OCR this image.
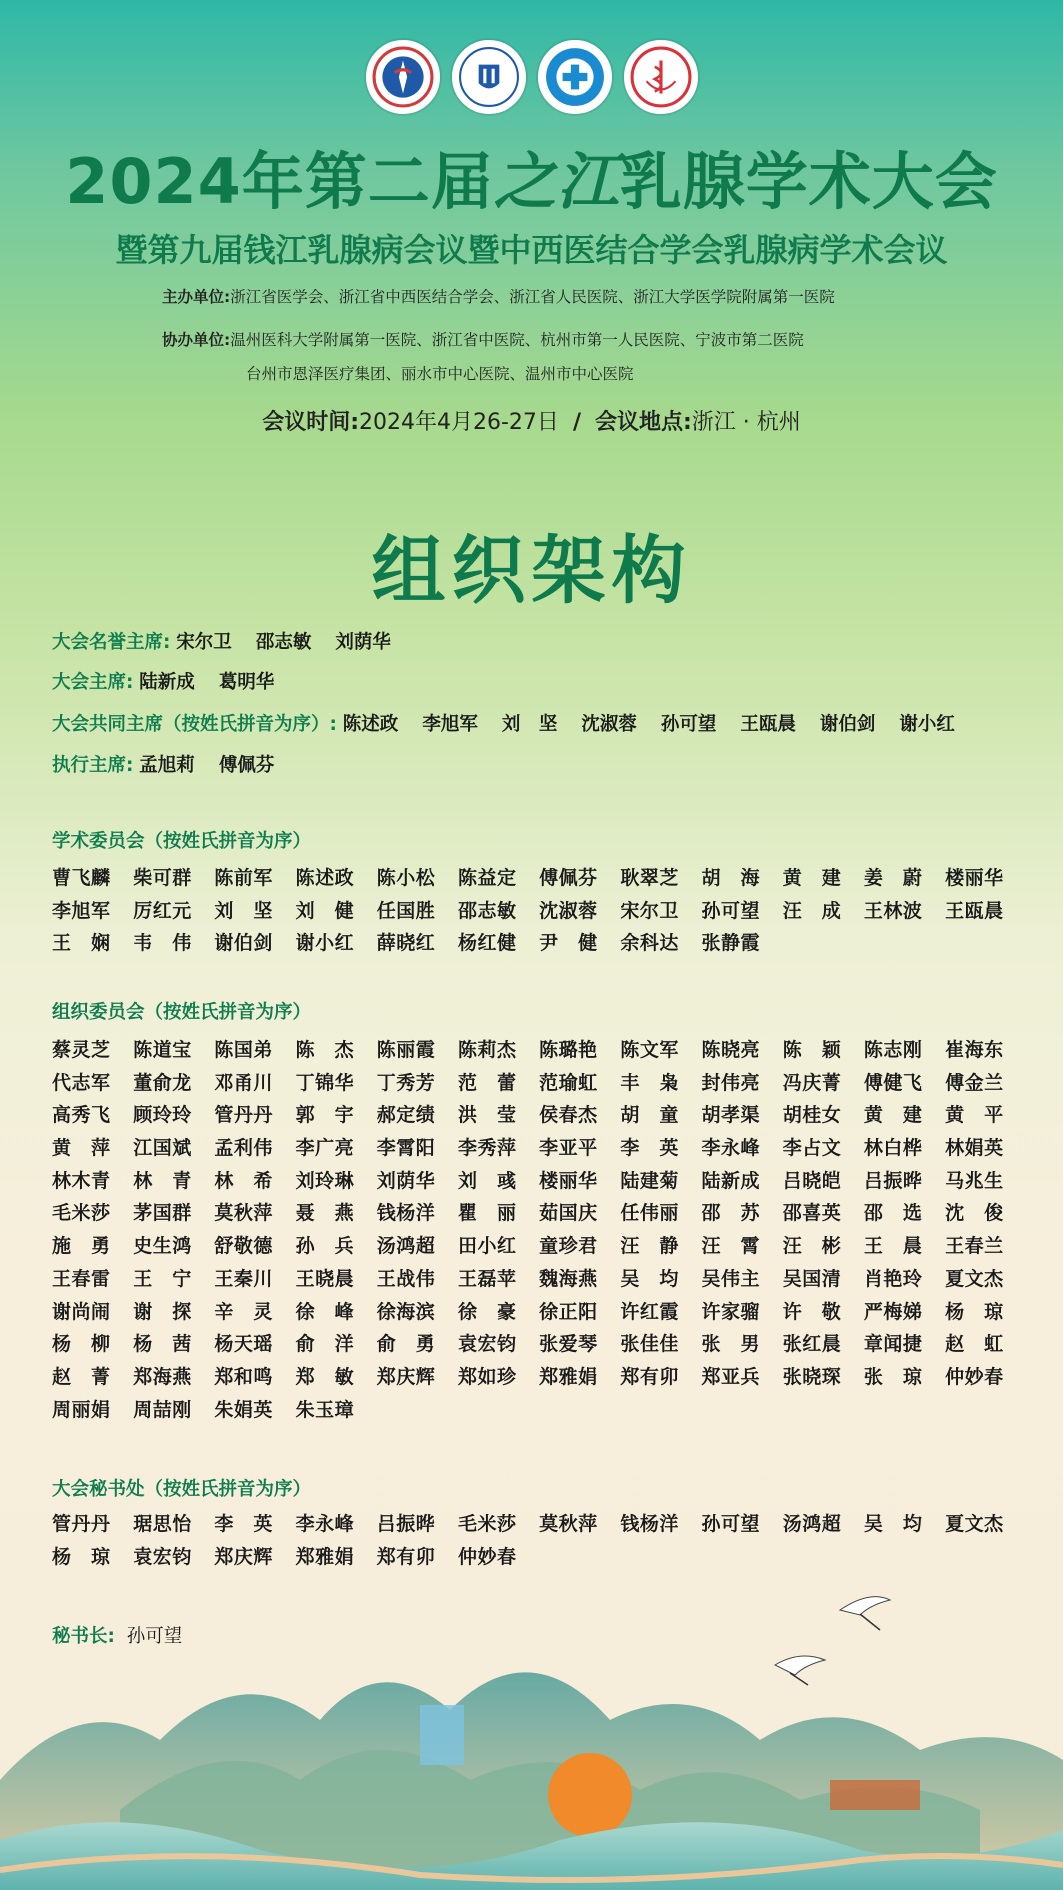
2024年第二届之江乳腺学术大会
暨第九届钱江乳腺病会议暨中西医结合学会乳腺病学术会议
主办单位:浙江省医学会、浙江省中西医结合学会、浙江省人民医院、浙江大学医学院附属第一医院
协办单位:温州医科大学附属第一医院、浙江省中医院、杭州市第一人民医院、宁波市第二医院
台州市恩泽医疗集团、丽水市中心医院、温州市中心医院
会议时间:2024年4月26-27日 / 会议地点:浙江 · 杭州
组织架构
大会名誉主席: 宋尔卫 邵志敏 刘荫华
大会主席: 陆新成 葛明华
大会共同主席（按姓氏拼音为序）: 陈述政 李旭军 刘　坚 沈淑蓉 孙可望 王瓯晨 谢伯剑 谢小红
执行主席: 孟旭莉 傅佩芬
学术委员会（按姓氏拼音为序）
曹飞麟	柴可群	陈前军	陈述政	陈小松	陈益定	傅佩芬	耿翠芝	胡　海	黄　建	姜　蔚	楼丽华
李旭军	厉红元	刘　坚	刘　健	任国胜	邵志敏	沈淑蓉	宋尔卫	孙可望	汪　成	王林波	王瓯晨
王　娴	韦　伟	谢伯剑	谢小红	薛晓红	杨红健	尹　健	余科达	张静霞
组织委员会（按姓氏拼音为序）
蔡灵芝	陈道宝	陈国弟	陈　杰	陈丽霞	陈莉杰	陈璐艳	陈文军	陈晓亮	陈　颖	陈志刚	崔海东
代志军	董俞龙	邓甬川	丁锦华	丁秀芳	范　蕾	范瑜虹	丰　枭	封伟亮	冯庆菁	傅健飞	傅金兰
高秀飞	顾玲玲	管丹丹	郭　宇	郝定绩	洪　莹	侯春杰	胡　童	胡孝渠	胡桂女	黄　建	黄　平
黄　萍	江国斌	孟利伟	李广亮	李霄阳	李秀萍	李亚平	李　英	李永峰	李占文	林白桦	林娟英
林木青	林　青	林　希	刘玲琳	刘荫华	刘　彧	楼丽华	陆建菊	陆新成	吕晓皑	吕振晔	马兆生
毛米莎	茅国群	莫秋萍	聂　燕	钱杨洋	瞿　丽	茹国庆	任伟丽	邵　苏	邵喜英	邵　选	沈　俊
施　勇	史生鸿	舒敬德	孙　兵	汤鸿超	田小红	童珍君	汪　静	汪　霄	汪　彬	王　晨	王春兰
王春雷	王　宁	王秦川	王晓晨	王战伟	王磊苹	魏海燕	吴　均	吴伟主	吴国清	肖艳玲	夏文杰
谢尚闹	谢　探	辛　灵	徐　峰	徐海滨	徐　豪	徐正阳	许红霞	许家骝	许　敬	严梅娣	杨　琼
杨　柳	杨　茜	杨天瑶	俞　洋	俞　勇	袁宏钧	张爱琴	张佳佳	张　男	张红晨	章闻捷	赵　虹
赵　菁	郑海燕	郑和鸣	郑　敏	郑庆辉	郑如珍	郑雅娟	郑有卯	郑亚兵	张晓琛	张　琼	仲妙春
周丽娟	周喆刚	朱娟英	朱玉璋
大会秘书处（按姓氏拼音为序）
管丹丹	琚思怡	李　英	李永峰	吕振晔	毛米莎	莫秋萍	钱杨洋	孙可望	汤鸿超	吴　均	夏文杰
杨　琼	袁宏钧	郑庆辉	郑雅娟	郑有卯	仲妙春
秘书长: 孙可望
